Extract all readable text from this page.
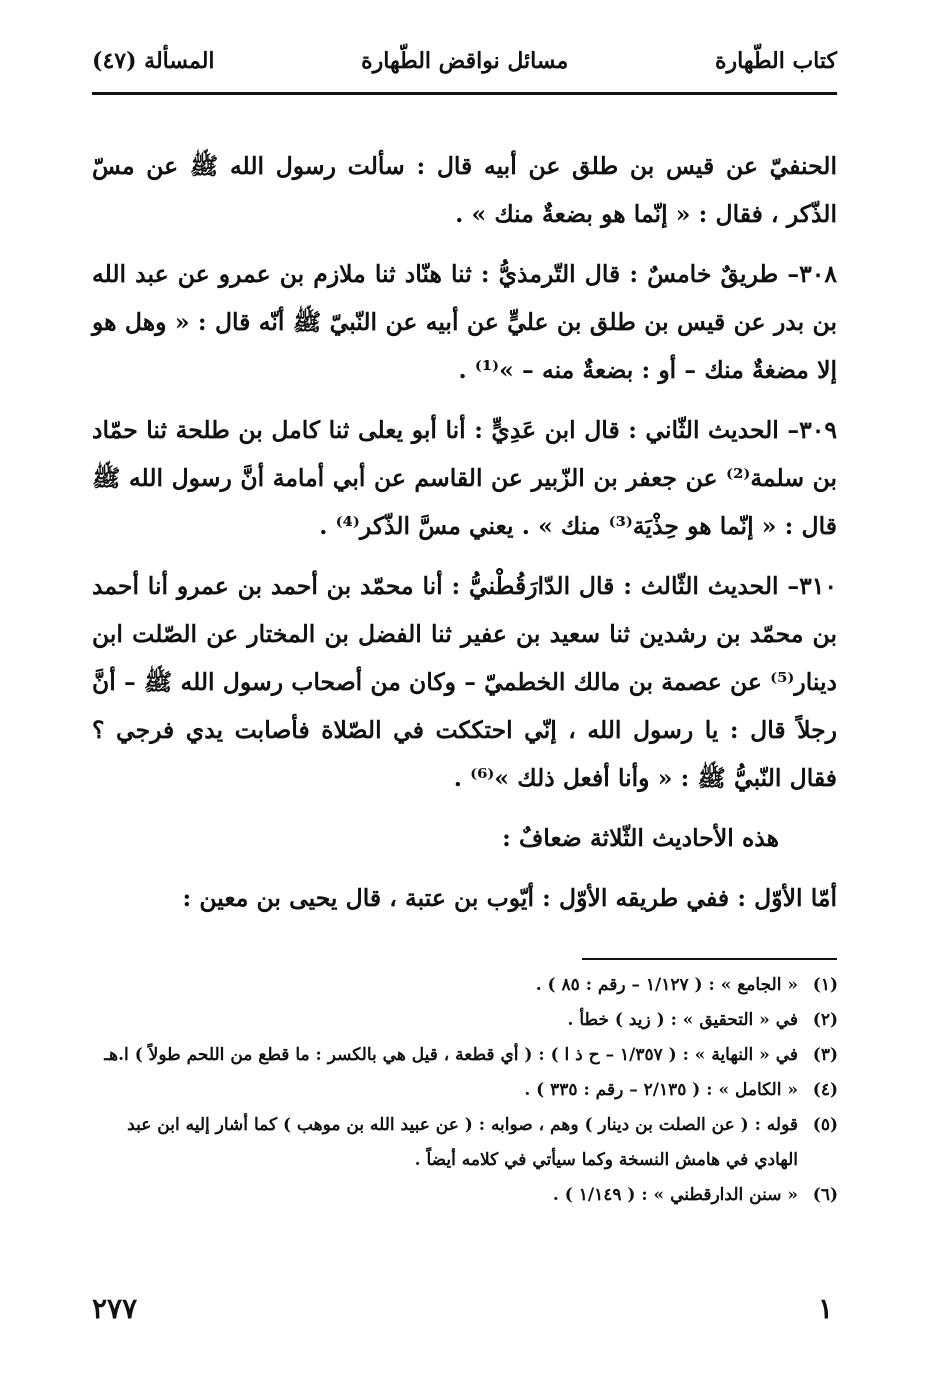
كتاب الطّهارة
مسائل نواقض الطّهارة
المسألة (٤٧)

الحنفيّ عن قيس بن طلق عن أبيه قال : سألت رسول الله ﷺ عن مسّ الذّكر ، فقال : « إنّما هو بضعةٌ منك » .

٣٠٨– طريقٌ خامسٌ : قال التّرمذيُّ : ثنا هنّاد ثنا ملازم بن عمرو عن عبد الله بن بدر عن قيس بن طلق بن عليٍّ عن أبيه عن النّبيّ ﷺ أنّه قال : « وهل هو إلا مضغةٌ منك – أو : بضعةٌ منه – »⁽¹⁾ .

٣٠٩– الحديث الثّاني : قال ابن عَدِيٍّ : أنا أبو يعلى ثنا كامل بن طلحة ثنا حمّاد بن سلمة⁽²⁾ عن جعفر بن الزّبير عن القاسم عن أبي أمامة أنَّ رسول الله ﷺ قال : « إنّما هو حِذْيَة⁽³⁾ منك » . يعني مسَّ الذّكر⁽⁴⁾ .

٣١٠– الحديث الثّالث : قال الدّارَقُطْنيُّ : أنا محمّد بن أحمد بن عمرو أنا أحمد بن محمّد بن رشدين ثنا سعيد بن عفير ثنا الفضل بن المختار عن الصّلت ابن دينار⁽⁵⁾ عن عصمة بن مالك الخطميّ – وكان من أصحاب رسول الله ﷺ – أنَّ رجلاً قال : يا رسول الله ، إنّي احتككت في الصّلاة فأصابت يدي فرجي ؟ فقال النّبيُّ ﷺ : « وأنا أفعل ذلك »⁽⁶⁾ .

هذه الأحاديث الثّلاثة ضعافٌ :

أمّا الأوّل : ففي طريقه الأوّل : أيّوب بن عتبة ، قال يحيى بن معين :

(١)
« الجامع » : ( ١/١٢٧ – رقم : ٨٥ ) .
(٢)
في « التحقيق » : ( زيد ) خطأ .
(٣)
في « النهاية » : ( ١/٣٥٧ – ح ذ ا ) : ( أي قطعة ، قيل هي بالكسر : ما قطع من اللحم طولاً ) ا.هـ
(٤)
« الكامل » : ( ٢/١٣٥ – رقم : ٣٣٥ ) .
(٥)
قوله : ( عن الصلت بن دينار ) وهم ، صوابه : ( عن عبيد الله بن موهب ) كما أشار إليه ابن عبد الهادي في هامش النسخة وكما سيأتي في كلامه أيضاً .
(٦)
« سنن الدارقطني » : ( ١/١٤٩ ) .
١
٢٧٧
